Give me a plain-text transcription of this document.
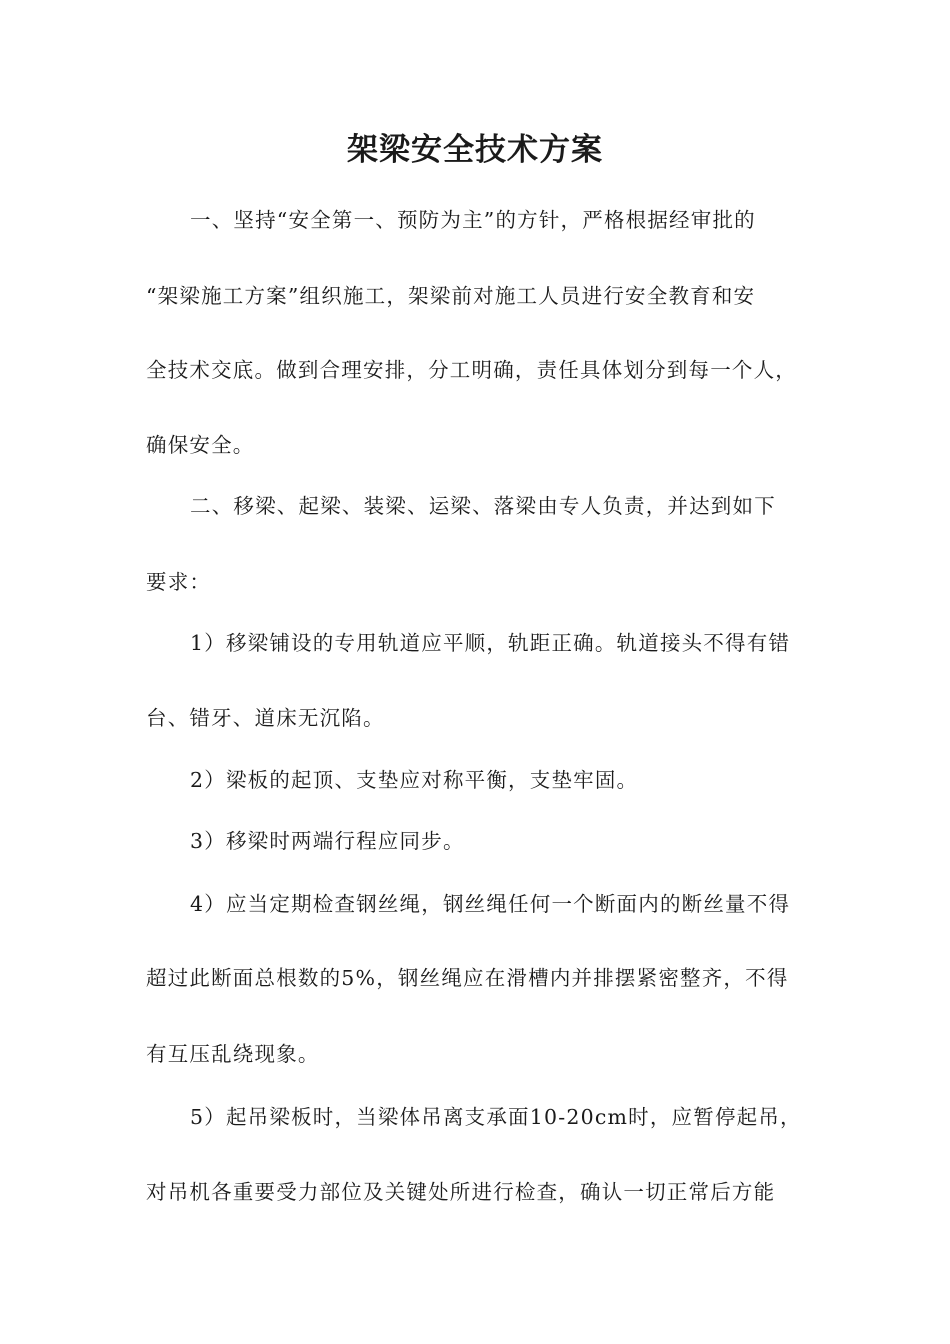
架梁安全技术方案
一、坚持“安全第一、预防为主”的方针，严格根据经审批的
“架梁施工方案”组织施工，架梁前对施工人员进行安全教育和安
全技术交底。做到合理安排，分工明确，责任具体划分到每一个人，
确保安全。
二、移梁、起梁、装梁、运梁、落梁由专人负责，并达到如下
要求：
1）移梁铺设的专用轨道应平顺，轨距正确。轨道接头不得有错
台、错牙、道床无沉陷。
2）梁板的起顶、支垫应对称平衡，支垫牢固。
3）移梁时两端行程应同步。
4）应当定期检查钢丝绳，钢丝绳任何一个断面内的断丝量不得
超过此断面总根数的5%，钢丝绳应在滑槽内并排摆紧密整齐，不得
有互压乱绕现象。
5）起吊梁板时，当梁体吊离支承面10-20cm时，应暂停起吊，
对吊机各重要受力部位及关键处所进行检查，确认一切正常后方能
